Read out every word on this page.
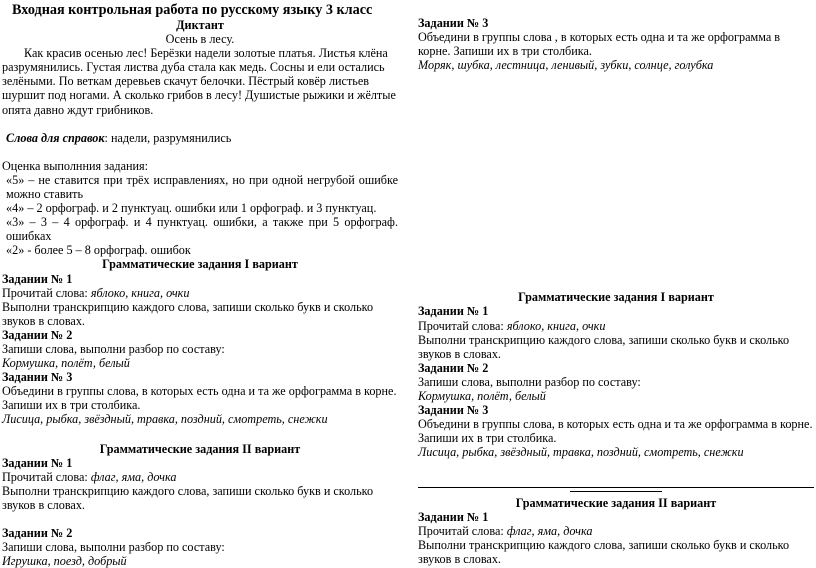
Входная контрольная работа по русскому языку 3 класс

Диктант

Осень в лесу.

Как красив осенью лес! Берёзки надели золотые платья. Листья клёна разрумянились. Густая листва дуба стала как медь. Сосны и ели остались зелёными. По веткам деревьев скачут белочки. Пёстрый ковёр листьев шуршит под ногами. А сколько грибов в лесу! Душистые рыжики и жёлтые опята давно ждут грибников.

Слова для справок: надели, разрумянились

Оценка выполнния задания:

«5» – не ставится при трёх исправлениях, но при одной негрубой ошибке можно ставить

«4» – 2 орфограф. и 2 пунктуац. ошибки или 1 орфограф. и 3 пунктуац.

«3» – 3 – 4 орфограф. и 4 пунктуац. ошибки, а также при 5 орфограф. ошибках

«2» - более 5 – 8 орфограф. ошибок

Грамматические задания I вариант

Задании № 1

Прочитай слова: яблоко, книга, очки

Выполни транскрипцию каждого слова, запиши сколько букв и сколько звуков в словах.

Задании № 2

Запиши слова, выполни разбор по составу:

Кормушка, полёт, белый

Задании № 3

Объедини в группы слова, в которых есть одна и та же орфограмма в корне. Запиши их в три столбика.

Лисица, рыбка, звёздный, травка, поздний, смотреть, снежки

Грамматические задания II вариант

Задании № 1

Прочитай слова: флаг, яма, дочка

Выполни транскрипцию каждого слова, запиши сколько букв и сколько звуков в словах.

Задании № 2

Запиши слова, выполни разбор по составу:

Игрушка, поезд, добрый

Задании № 3

Объедини в группы слова , в которых есть одна и та же орфограмма в корне. Запиши их в три столбика.

Моряк, шубка, лестница, ленивый, зубки, солнце, голубка

Грамматические задания I вариант

Задании № 1

Прочитай слова: яблоко, книга, очки

Выполни транскрипцию каждого слова, запиши сколько букв и сколько звуков в словах.

Задании № 2

Запиши слова, выполни разбор по составу:

Кормушка, полёт, белый

Задании № 3

Объедини в группы слова, в которых есть одна и та же орфограмма в корне. Запиши их в три столбика.

Лисица, рыбка, звёздный, травка, поздний, смотреть, снежки

Грамматические задания II вариант

Задании № 1

Прочитай слова: флаг, яма, дочка

Выполни транскрипцию каждого слова, запиши сколько букв и сколько звуков в словах.
